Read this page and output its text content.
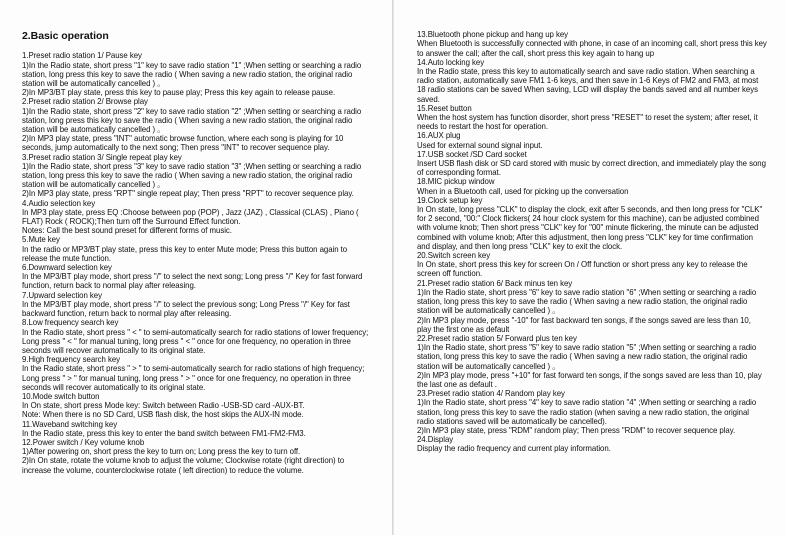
2.Basic operation

1.Preset radio station 1/ Pause key
1)In the Radio state, short press "1" key to save radio station "1" ;When setting or searching a radio station, long press this key to save the radio ( When saving a new radio station, the original radio station will be automatically cancelled ) 。
2)In MP3/BT play state, press this key to pause play; Press this key again to release pause.
2.Preset radio station 2/ Browse play
1)In the Radio state, short press "2" key to save radio station "2" ;When setting or searching a radio station, long press this key to save the radio ( When saving a new radio station, the original radio station will be automatically cancelled ) 。
2)In MP3 play state, press "INT" automatic browse function, where each song is playing for 10 seconds, jump automatically to the next song; Then press "INT" to recover sequence play.
3.Preset radio station 3/ Single repeat play key
1)In the Radio state, short press "3" key to save radio station "3" ;When setting or searching a radio station, long press this key to save the radio ( When saving a new radio station, the original radio station will be automatically cancelled ) 。
2)In MP3 play state, press "RPT" single repeat play; Then press "RPT" to recover sequence play.
4.Audio selection key
In MP3 play state, press EQ :Choose between pop (POP) , Jazz (JAZ) , Classical (CLAS) , Piano ( FLAT) Rock ( ROCK);Then turn off the Surround Effect function.
Notes: Call the best sound preset for different forms of music.
5.Mute key
In the radio or MP3/BT play state, press this key to enter Mute mode; Press this button again to release the mute function.
6.Downward selection key
In the MP3/BT play mode, short press "/" to select the next song; Long press "/" Key for fast forward function, return back to normal play after releasing.
7.Upward selection key
In the MP3/BT play mode, short press "/" to select the previous song; Long Press "/" Key for fast backward function, return back to normal play after releasing.
8.Low frequency search key
In the Radio state, short press " < " to semi-automatically search for radio stations of lower frequency; Long press " < " for manual tuning, long press " < " once for one frequency, no operation in three seconds will recover automatically to its original state.
9.High frequency search key
In the Radio state, short press " > " to semi-automatically search for radio stations of high frequency; Long press " > " for manual tuning, long press " > " once for one frequency, no operation in three seconds will recover automatically to its original state.
10.Mode switch button
In On state, short press Mode key: Switch between Radio -USB-SD card -AUX-BT.
Note: When there is no SD Card, USB flash disk, the host skips the AUX-IN mode.
11.Waveband switching key
In the Radio state, press this key to enter the band switch between FM1-FM2-FM3.
12.Power switch / Key volume knob
1)After powering on, short press the key to turn on; Long press the key to turn off.
2)In On state, rotate the volume knob to adjust the volume; Clockwise rotate (right direction) to increase the volume, counterclockwise rotate ( left direction) to reduce the volume.

13.Bluetooth phone pickup and hang up key
When Bluetooth is successfully connected with phone, in case of an incoming call, short press this key to answer the call; after the call, short press this key again to hang up
14.Auto locking key
In the Radio state, press this key to automatically search and save radio station. When searching a radio station, automatically save FM1 1-6 keys, and then save in 1-6 Keys of FM2 and FM3, at most 18 radio stations can be saved When saving, LCD will display the bands saved and all number keys saved.
15.Reset button
When the host system has function disorder, short press "RESET" to reset the system; after reset, it needs to restart the host for operation.
16.AUX plug
Used for external sound signal input.
17.USB socket /SD Card socket
Insert USB flash disk or SD card stored with music by correct direction, and immediately play the song of corresponding format.
18.MIC pickup window
When in a Bluetooth call, used for picking up the conversation
19.Clock setup key
In On state, long press "CLK" to display the clock, exit after 5 seconds, and then long press for "CLK" for 2 second, "00:" Clock flickers( 24 hour clock system for this machine), can be adjusted combined with volume knob; Then short press "CLK" key for "00" minute flickering, the minute can be adjusted combined with volume knob; After this adjustment, then long press "CLK" key for time confirmation and display, and then long press "CLK" key to exit the clock.
20.Switch screen key
In On state, short press this key for screen On / Off function or short press any key to release the screen off function.
21.Preset radio station 6/ Back minus ten key
1)In the Radio state, short press "6" key to save radio station "6" ;When setting or searching a radio station, long press this key to save the radio ( When saving a new radio station, the original radio station will be automatically cancelled ) 。
2)In MP3 play mode, press "-10" for fast backward ten songs, if the songs saved are less than 10, play the first one as default
22.Preset radio station 5/ Forward plus ten key
1)In the Radio state, short press "5" key to save radio station "5" ;When setting or searching a radio station, long press this key to save the radio ( When saving a new radio station, the original radio station will be automatically cancelled ) 。
2)In MP3 play mode, press "+10" for fast forward ten songs, if the songs saved are less than 10, play the last one as default .
23.Preset radio station 4/ Random play key
1)In the Radio state, short press "4" key to save radio station "4" ;When setting or searching a radio station, long press this key to save the radio station (when saving a new radio station, the original radio stations saved will be automatically be cancelled).
2)In MP3 play state, press "RDM" random play; Then press "RDM" to recover sequence play.
24.Display
Display the radio frequency and current play information.
